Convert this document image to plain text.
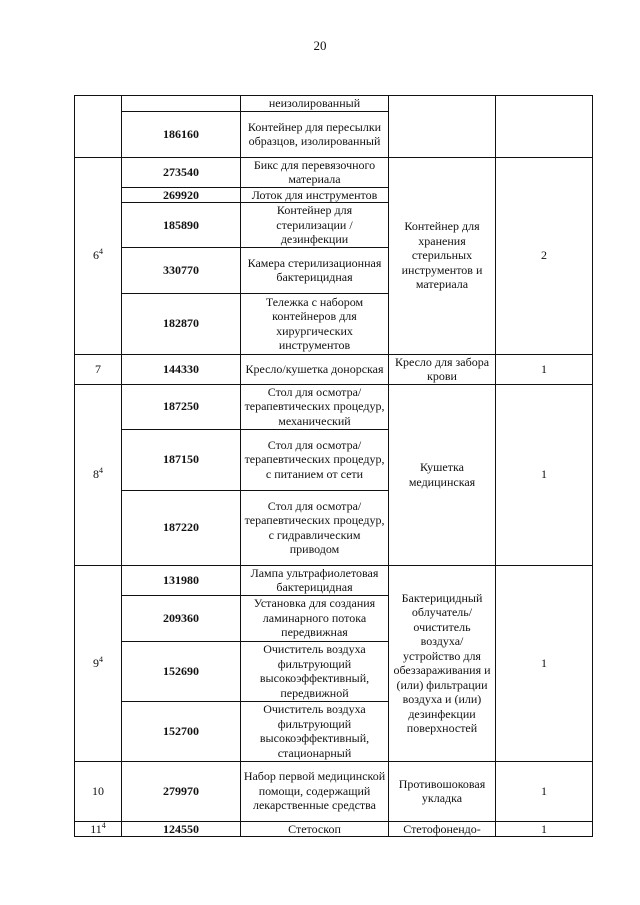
20
		неизолированный		
	186160	Контейнер для пересылки образцов, изолированный		
$6^4$	273540	Бикс для перевязочного материала	Контейнер для хранения стерильных инструментов и материала	2
	269920	Лоток для инструментов		
	185890	Контейнер для стерилизации /дезинфекции		
	330770	Камера стерилизационная бактерицидная		
	182870	Тележка с набором контейнеров для хирургических инструментов		
7	144330	Кресло/кушетка донорская	Кресло для забора крови	1
$8^4$	187250	Стол для осмотра/терапевтических процедур, механический	Кушетка медицинская	1
	187150	Стол для осмотра/терапевтических процедур, с питанием от сети		
	187220	Стол для осмотра/терапевтических процедур, с гидравлическим приводом		
$9^4$	131980	Лампа ультрафиолетовая бактерицидная	Бактерицидный облучатель/ очиститель воздуха/ устройство для обеззараживания и (или) фильтрации воздуха и (или) дезинфекции поверхностей	1
	209360	Установка для создания ламинарного потока передвижная		
	152690	Очиститель воздуха фильтрующий высокоэффективный, передвижной		
	152700	Очиститель воздуха фильтрующий высокоэффективный, стационарный		
10	279970	Набор первой медицинской помощи, содержащий лекарственные средства	Противошоковая укладка	1
$11^4$	124550	Стетоскоп	Стетофонендо-	1
